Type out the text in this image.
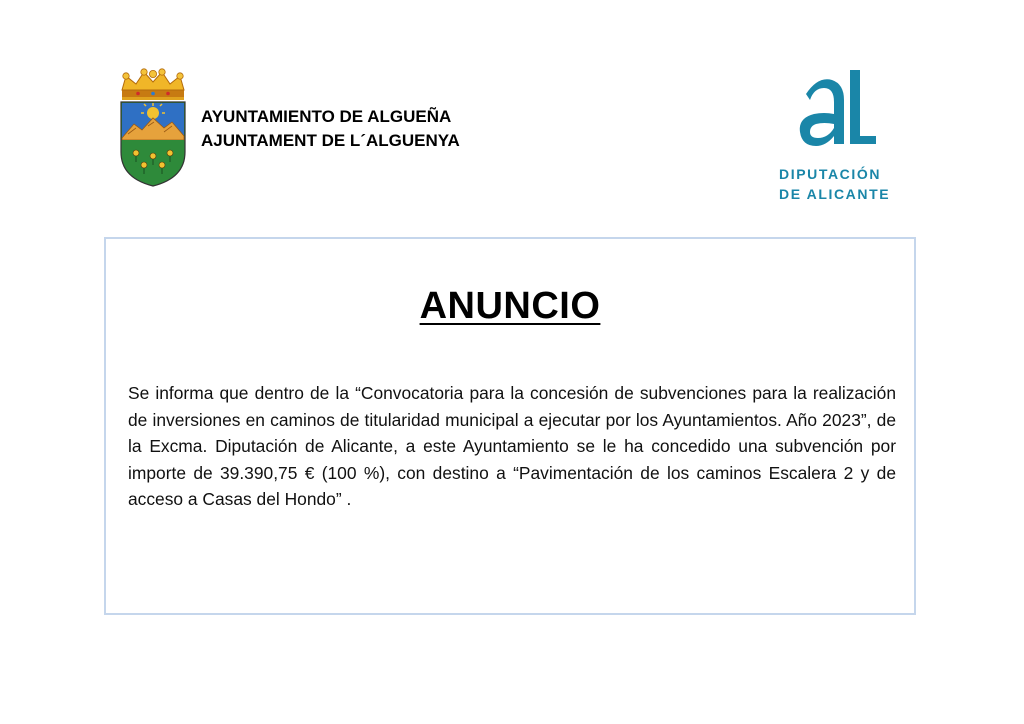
AYUNTAMIENTO DE ALGUEÑA
AJUNTAMENT DE L´ALGUENYA
DIPUTACIÓN
DE ALICANTE
ANUNCIO
Se informa que dentro de la “Convocatoria para la concesión de subvenciones para la realización de inversiones en caminos de titularidad municipal a ejecutar por los Ayuntamientos. Año 2023”, de la Excma. Diputación de Alicante, a este Ayuntamiento se le ha concedido una subvención por importe de 39.390,75 € (100 %), con destino a “Pavimentación de los caminos Escalera 2 y de acceso a Casas del Hondo” .
